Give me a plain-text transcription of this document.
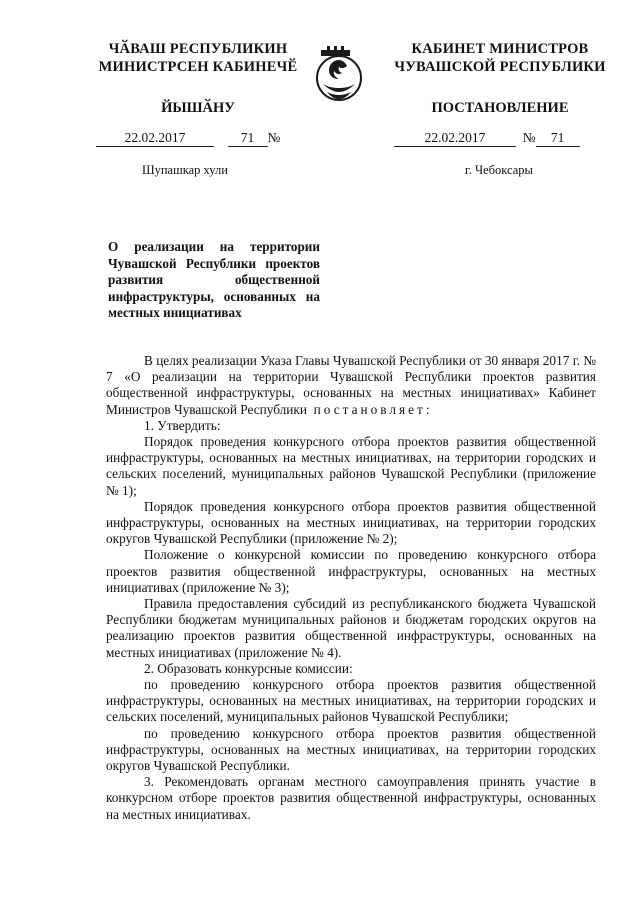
ЧӐВАШ РЕСПУБЛИКИН
МИНИСТРСЕН КАБИНЕЧӖ
ЙЫШӐНУ
КАБИНЕТ МИНИСТРОВ
ЧУВАШСКОЙ РЕСПУБЛИКИ
ПОСТАНОВЛЕНИЕ
22.02.2017	71 №	22.02.2017	№ 71
Шупашкар хули	г. Чебоксары
О реализации на территории Чувашской Республики проектов развития общественной инфраструктуры, основанных на местных инициативах

В целях реализации Указа Главы Чувашской Республики от 30 января 2017 г. № 7 «О реализации на территории Чувашской Республики проектов развития общественной инфраструктуры, основанных на местных инициативах» Кабинет Министров Чувашской Республики постановляет:

1. Утвердить:

Порядок проведения конкурсного отбора проектов развития общественной инфраструктуры, основанных на местных инициативах, на территории городских и сельских поселений, муниципальных районов Чувашской Республики (приложение № 1);

Порядок проведения конкурсного отбора проектов развития общественной инфраструктуры, основанных на местных инициативах, на территории городских округов Чувашской Республики (приложение № 2);

Положение о конкурсной комиссии по проведению конкурсного отбора проектов развития общественной инфраструктуры, основанных на местных инициативах (приложение № 3);

Правила предоставления субсидий из республиканского бюджета Чувашской Республики бюджетам муниципальных районов и бюджетам городских округов на реализацию проектов развития общественной инфраструктуры, основанных на местных инициативах (приложение № 4).

2. Образовать конкурсные комиссии:

по проведению конкурсного отбора проектов развития общественной инфраструктуры, основанных на местных инициативах, на территории городских и сельских поселений, муниципальных районов Чувашской Республики;

по проведению конкурсного отбора проектов развития общественной инфраструктуры, основанных на местных инициативах, на территории городских округов Чувашской Республики.

3. Рекомендовать органам местного самоуправления принять участие в конкурсном отборе проектов развития общественной инфраструктуры, основанных на местных инициативах.
